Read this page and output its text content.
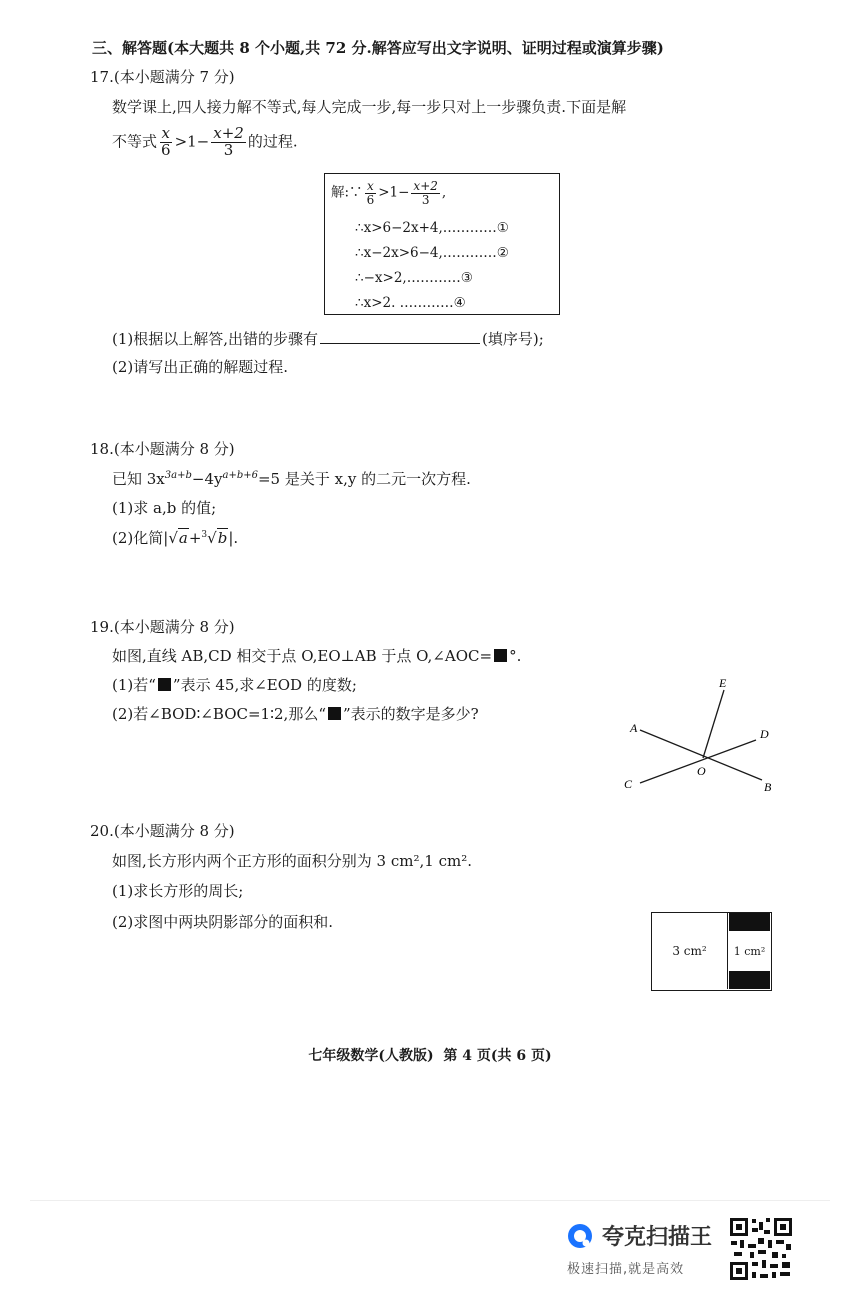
三、解答题(本大题共 8 个小题,共 72 分.解答应写出文字说明、证明过程或演算步骤)
17.(本小题满分 7 分)
数学课上,四人接力解不等式,每人完成一步,每一步只对上一步骤负责.下面是解
不等式 $\frac{x}{6} >1- \frac{x+2}{3}$ 的过程.
解:∵ $\frac{x}{6} >1- \frac{x+2}{3}$ ,
∴x>6−2x+4,…………①
∴x−2x>6−4,…………②
∴−x>2,…………③
∴x>2. …………④
(1)根据以上解答,出错的步骤有	(填序号);
(2)请写出正确的解题过程.
18.(本小题满分 8 分)
已知 $3x^{3a+b}-4y^{a+b+6}=5$ 是关于 x,y 的二元一次方程.
(1)求 a,b 的值;
(2)化简|√a+$^3$√b|.
19.(本小题满分 8 分)
如图,直线 AB,CD 相交于点 O,EO⊥AB 于点 O,∠AOC= °.
(1)若“ ”表示 45,求∠EOD 的度数;
(2)若∠BOD∶∠BOC=1∶2,那么“ ”表示的数字是多少?
E
A	D
O
C	B
20.(本小题满分 8 分)
如图,长方形内两个正方形的面积分别为 3 cm²,1 cm².
(1)求长方形的周长;
(2)求图中两块阴影部分的面积和.
3 cm² 1 cm²
七年级数学(人教版)  第 4 页(共 6 页)
夸克扫描王
极速扫描,就是高效
